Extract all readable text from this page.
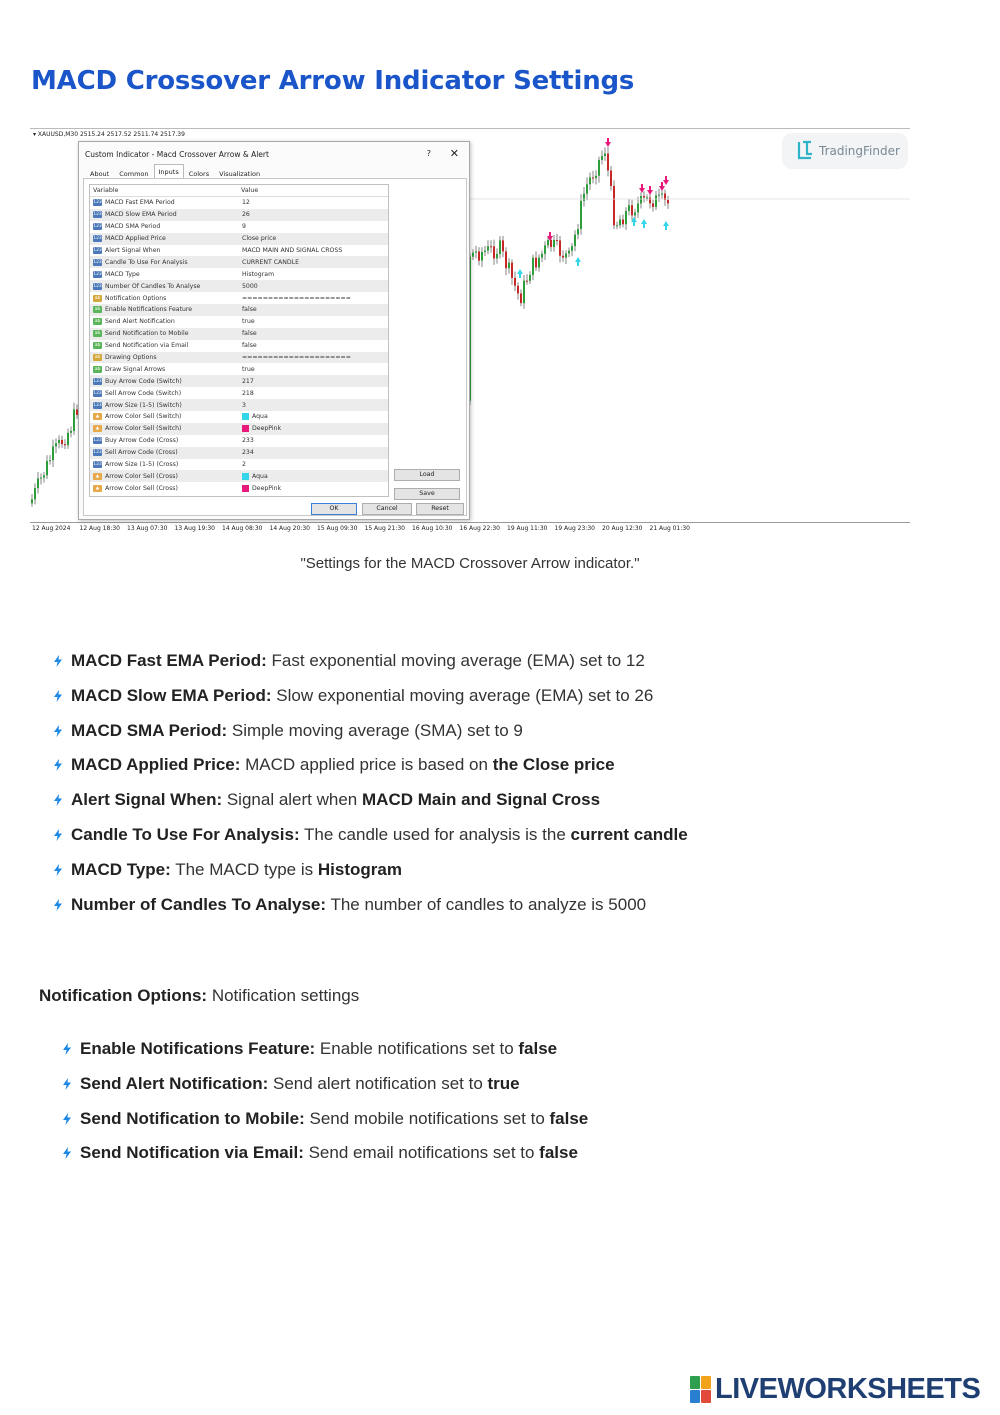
MACD Crossover Arrow Indicator Settings
▾ XAUUSD,M30 2515.24 2517.52 2511.74 2517.39
TradingFinder
12 Aug 2024 12 Aug 18:30 13 Aug 07:30 13 Aug 19:30 14 Aug 08:30 14 Aug 20:30 15 Aug 09:30 15 Aug 21:30 16 Aug 10:30 16 Aug 22:30 19 Aug 11:30 19 Aug 23:30 20 Aug 12:30 21 Aug 01:30
Custom Indicator - Macd Crossover Arrow & Alert	? ✕
About	Common	Inputs	Colors	Visualization
Variable	Value
123 MACD Fast EMA Period	12
123 MACD Slow EMA Period	26
123 MACD SMA Period	9
123 MACD Applied Price	Close price
123 Alert Signal When	MACD MAIN AND SIGNAL CROSS
123 Candle To Use For Analysis	CURRENT CANDLE
123 MACD Type	Histogram
123 Number Of Candles To Analyse	5000
ab Notification Options	=====================
ab Enable Notifications Feature	false
ab Send Alert Notification	true
ab Send Notification to Mobile	false
ab Send Notification via Email	false
ab Drawing Options	=====================
ab Draw Signal Arrows	true
123 Buy Arrow Code (Switch)	217
123 Sell Arrow Code (Switch)	218
123 Arrow Size (1-5) (Switch)	3
▲ Arrow Color Sell (Switch)	Aqua
▲ Arrow Color Sell (Switch)	DeepPink
123 Buy Arrow Code (Cross)	233
123 Sell Arrow Code (Cross)	234
123 Arrow Size (1-5) (Cross)	2
▲ Arrow Color Sell (Cross)	Aqua
▲ Arrow Color Sell (Cross)	DeepPink
Load
Save
OK	Cancel	Reset
"Settings for the MACD Crossover Arrow indicator."
MACD Fast EMA Period: Fast exponential moving average (EMA) set to 12
MACD Slow EMA Period: Slow exponential moving average (EMA) set to 26
MACD SMA Period: Simple moving average (SMA) set to 9
MACD Applied Price: MACD applied price is based on the Close price
Alert Signal When: Signal alert when MACD Main and Signal Cross
Candle To Use For Analysis: The candle used for analysis is the current candle
MACD Type: The MACD type is Histogram
Number of Candles To Analyse: The number of candles to analyze is 5000
Notification Options: Notification settings
Enable Notifications Feature: Enable notifications set to false
Send Alert Notification: Send alert notification set to true
Send Notification to Mobile: Send mobile notifications set to false
Send Notification via Email: Send email notifications set to false
LIVEWORKSHEETS
